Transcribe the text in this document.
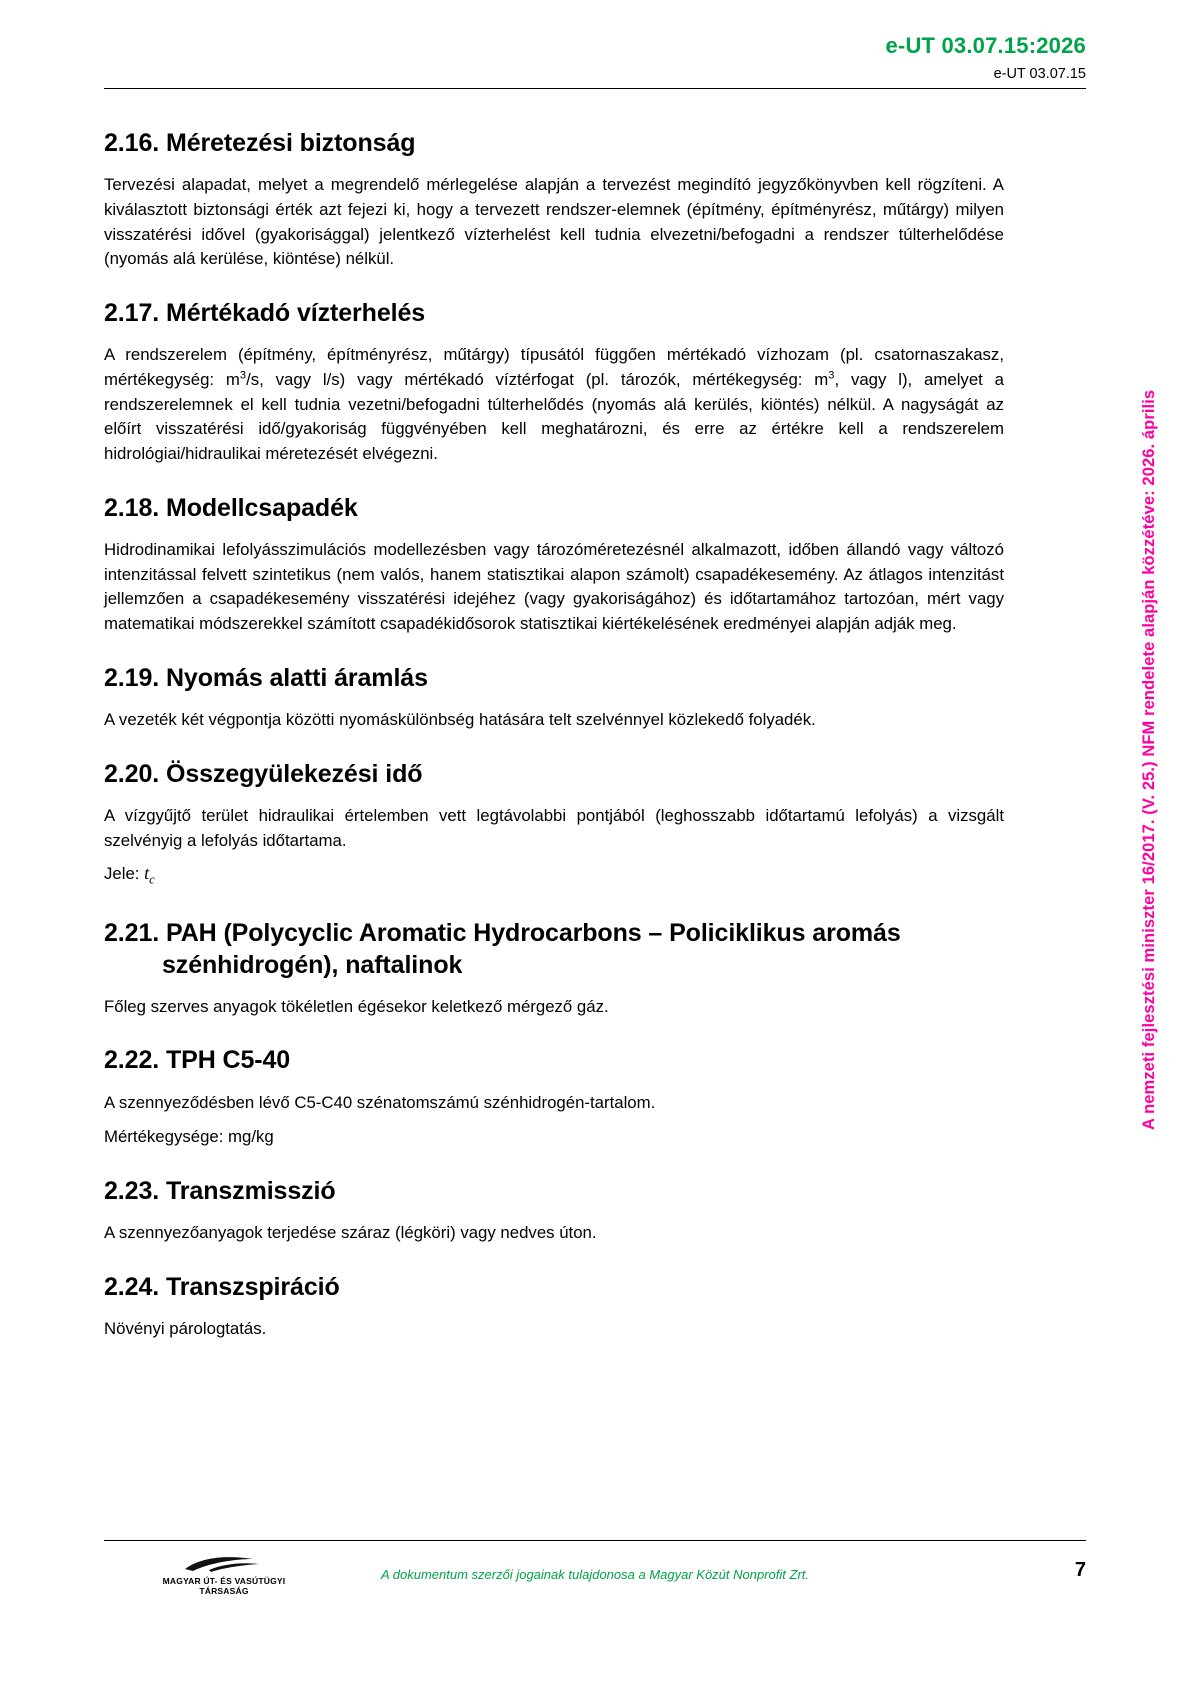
e-UT 03.07.15:2026
e-UT 03.07.15
A nemzeti fejlesztési miniszter 16/2017. (V. 25.) NFM rendelete alapján közzétéve: 2026. április
2.16. Méretezési biztonság

Tervezési alapadat, melyet a megrendelő mérlegelése alapján a tervezést megindító jegyzőkönyvben kell rögzíteni. A kiválasztott biztonsági érték azt fejezi ki, hogy a tervezett rendszer-elemnek (építmény, építményrész, műtárgy) milyen visszatérési idővel (gyakorisággal) jelentkező vízterhelést kell tudnia elvezetni/befogadni a rendszer túlterhelődése (nyomás alá kerülése, kiöntése) nélkül.

2.17. Mértékadó vízterhelés

A rendszerelem (építmény, építményrész, műtárgy) típusától függően mértékadó vízhozam (pl. csatornaszakasz, mértékegység: $m^3/s$, vagy l/s) vagy mértékadó víztérfogat (pl. tározók, mértékegység: $m^3$, vagy l), amelyet a rendszerelemnek el kell tudnia vezetni/befogadni túlterhelődés (nyomás alá kerülés, kiöntés) nélkül. A nagyságát az előírt visszatérési idő/gyakoriság függvényében kell meghatározni, és erre az értékre kell a rendszerelem hidrológiai/hidraulikai méretezését elvégezni.

2.18. Modellcsapadék

Hidrodinamikai lefolyásszimulációs modellezésben vagy tározóméretezésnél alkalmazott, időben állandó vagy változó intenzitással felvett szintetikus (nem valós, hanem statisztikai alapon számolt) csapadékesemény. Az átlagos intenzitást jellemzően a csapadékesemény visszatérési idejéhez (vagy gyakoriságához) és időtartamához tartozóan, mért vagy matematikai módszerekkel számított csapadékidősorok statisztikai kiértékelésének eredményei alapján adják meg.

2.19. Nyomás alatti áramlás

A vezeték két végpontja közötti nyomáskülönbség hatására telt szelvénnyel közlekedő folyadék.

2.20. Összegyülekezési idő

A vízgyűjtő terület hidraulikai értelemben vett legtávolabbi pontjából (leghosszabb időtartamú lefolyás) a vizsgált szelvényig a lefolyás időtartama.

Jele: $t_c$

2.21. PAH (Polycyclic Aromatic Hydrocarbons – Policiklikus aromás
szénhidrogén), naftalinok

Főleg szerves anyagok tökéletlen égésekor keletkező mérgező gáz.

2.22. TPH C5-40

A szennyeződésben lévő C5-C40 szénatomszámú szénhidrogén-tartalom.

Mértékegysége: mg/kg

2.23. Transzmisszió

A szennyezőanyagok terjedése száraz (légköri) vagy nedves úton.

2.24. Transzspiráció

Növényi párologtatás.

MAGYAR ÚT- ÉS VASÚTÜGYI TÁRSASÁG
A dokumentum szerzői jogainak tulajdonosa a Magyar Közút Nonprofit Zrt.	7
